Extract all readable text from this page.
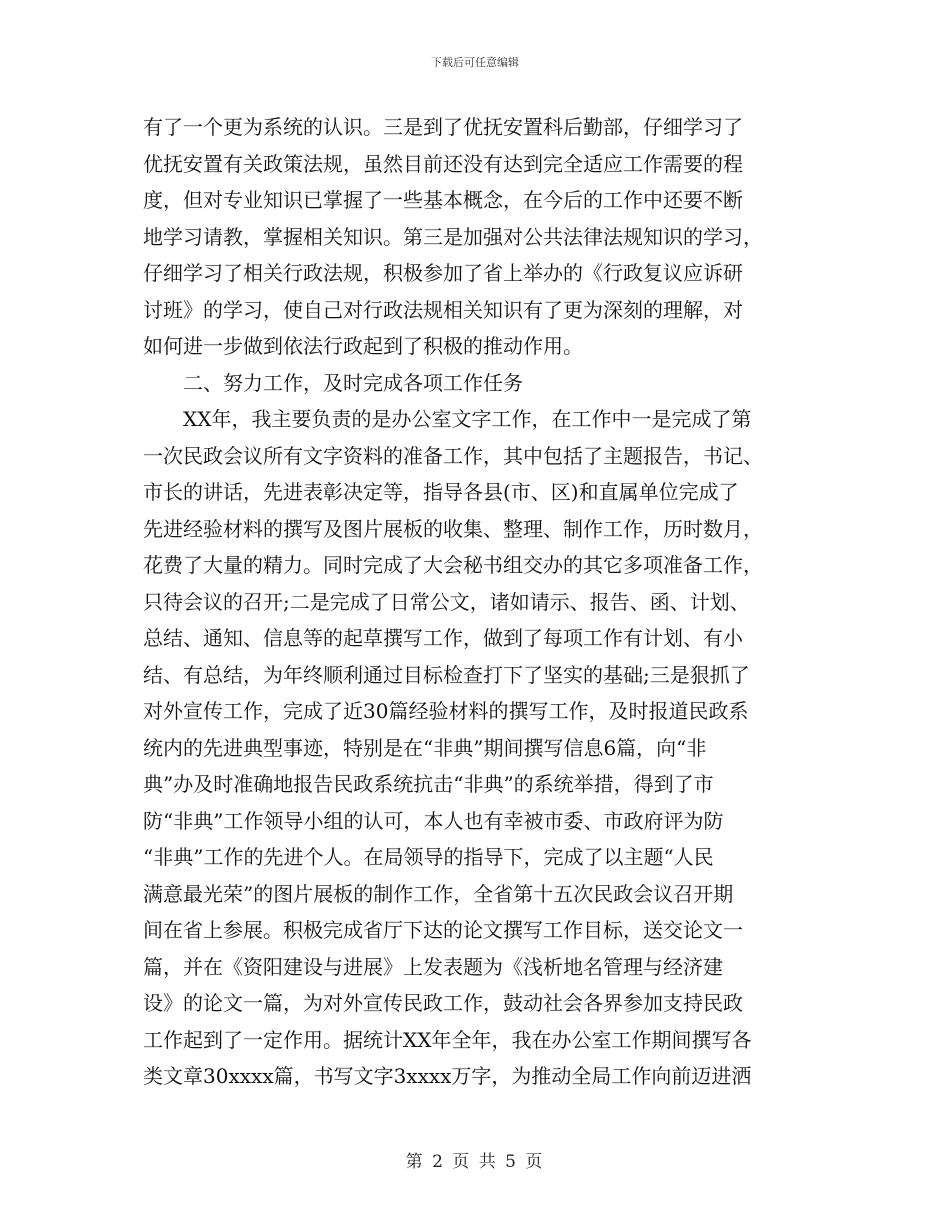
下载后可任意编辑
有了一个更为系统的认识。三是到了优抚安置科后勤部，仔细学习了
优抚安置有关政策法规，虽然目前还没有达到完全适应工作需要的程
度，但对专业知识已掌握了一些基本概念，在今后的工作中还要不断
地学习请教，掌握相关知识。第三是加强对公共法律法规知识的学习，
仔细学习了相关行政法规，积极参加了省上举办的《行政复议应诉研
讨班》的学习，使自己对行政法规相关知识有了更为深刻的理解，对
如何进一步做到依法行政起到了积极的推动作用。
二、努力工作，及时完成各项工作任务
XX年，我主要负责的是办公室文字工作，在工作中一是完成了第
一次民政会议所有文字资料的准备工作，其中包括了主题报告，书记、
市长的讲话，先进表彰决定等，指导各县(市、区)和直属单位完成了
先进经验材料的撰写及图片展板的收集、整理、制作工作，历时数月，
花费了大量的精力。同时完成了大会秘书组交办的其它多项准备工作，
只待会议的召开;二是完成了日常公文，诸如请示、报告、函、计划、
总结、通知、信息等的起草撰写工作，做到了每项工作有计划、有小
结、有总结，为年终顺利通过目标检查打下了坚实的基础;三是狠抓了
对外宣传工作，完成了近30篇经验材料的撰写工作，及时报道民政系
统内的先进典型事迹，特别是在“非典”期间撰写信息6篇，向“非
典”办及时准确地报告民政系统抗击“非典”的系统举措，得到了市
防“非典”工作领导小组的认可，本人也有幸被市委、市政府评为防
“非典”工作的先进个人。在局领导的指导下，完成了以主题“人民
满意最光荣”的图片展板的制作工作，全省第十五次民政会议召开期
间在省上参展。积极完成省厅下达的论文撰写工作目标，送交论文一
篇，并在《资阳建设与进展》上发表题为《浅析地名管理与经济建
设》的论文一篇，为对外宣传民政工作，鼓动社会各界参加支持民政
工作起到了一定作用。据统计XX年全年，我在办公室工作期间撰写各
类文章30xxxx篇，书写文字3xxxx万字，为推动全局工作向前迈进洒
第 2 页 共 5 页
